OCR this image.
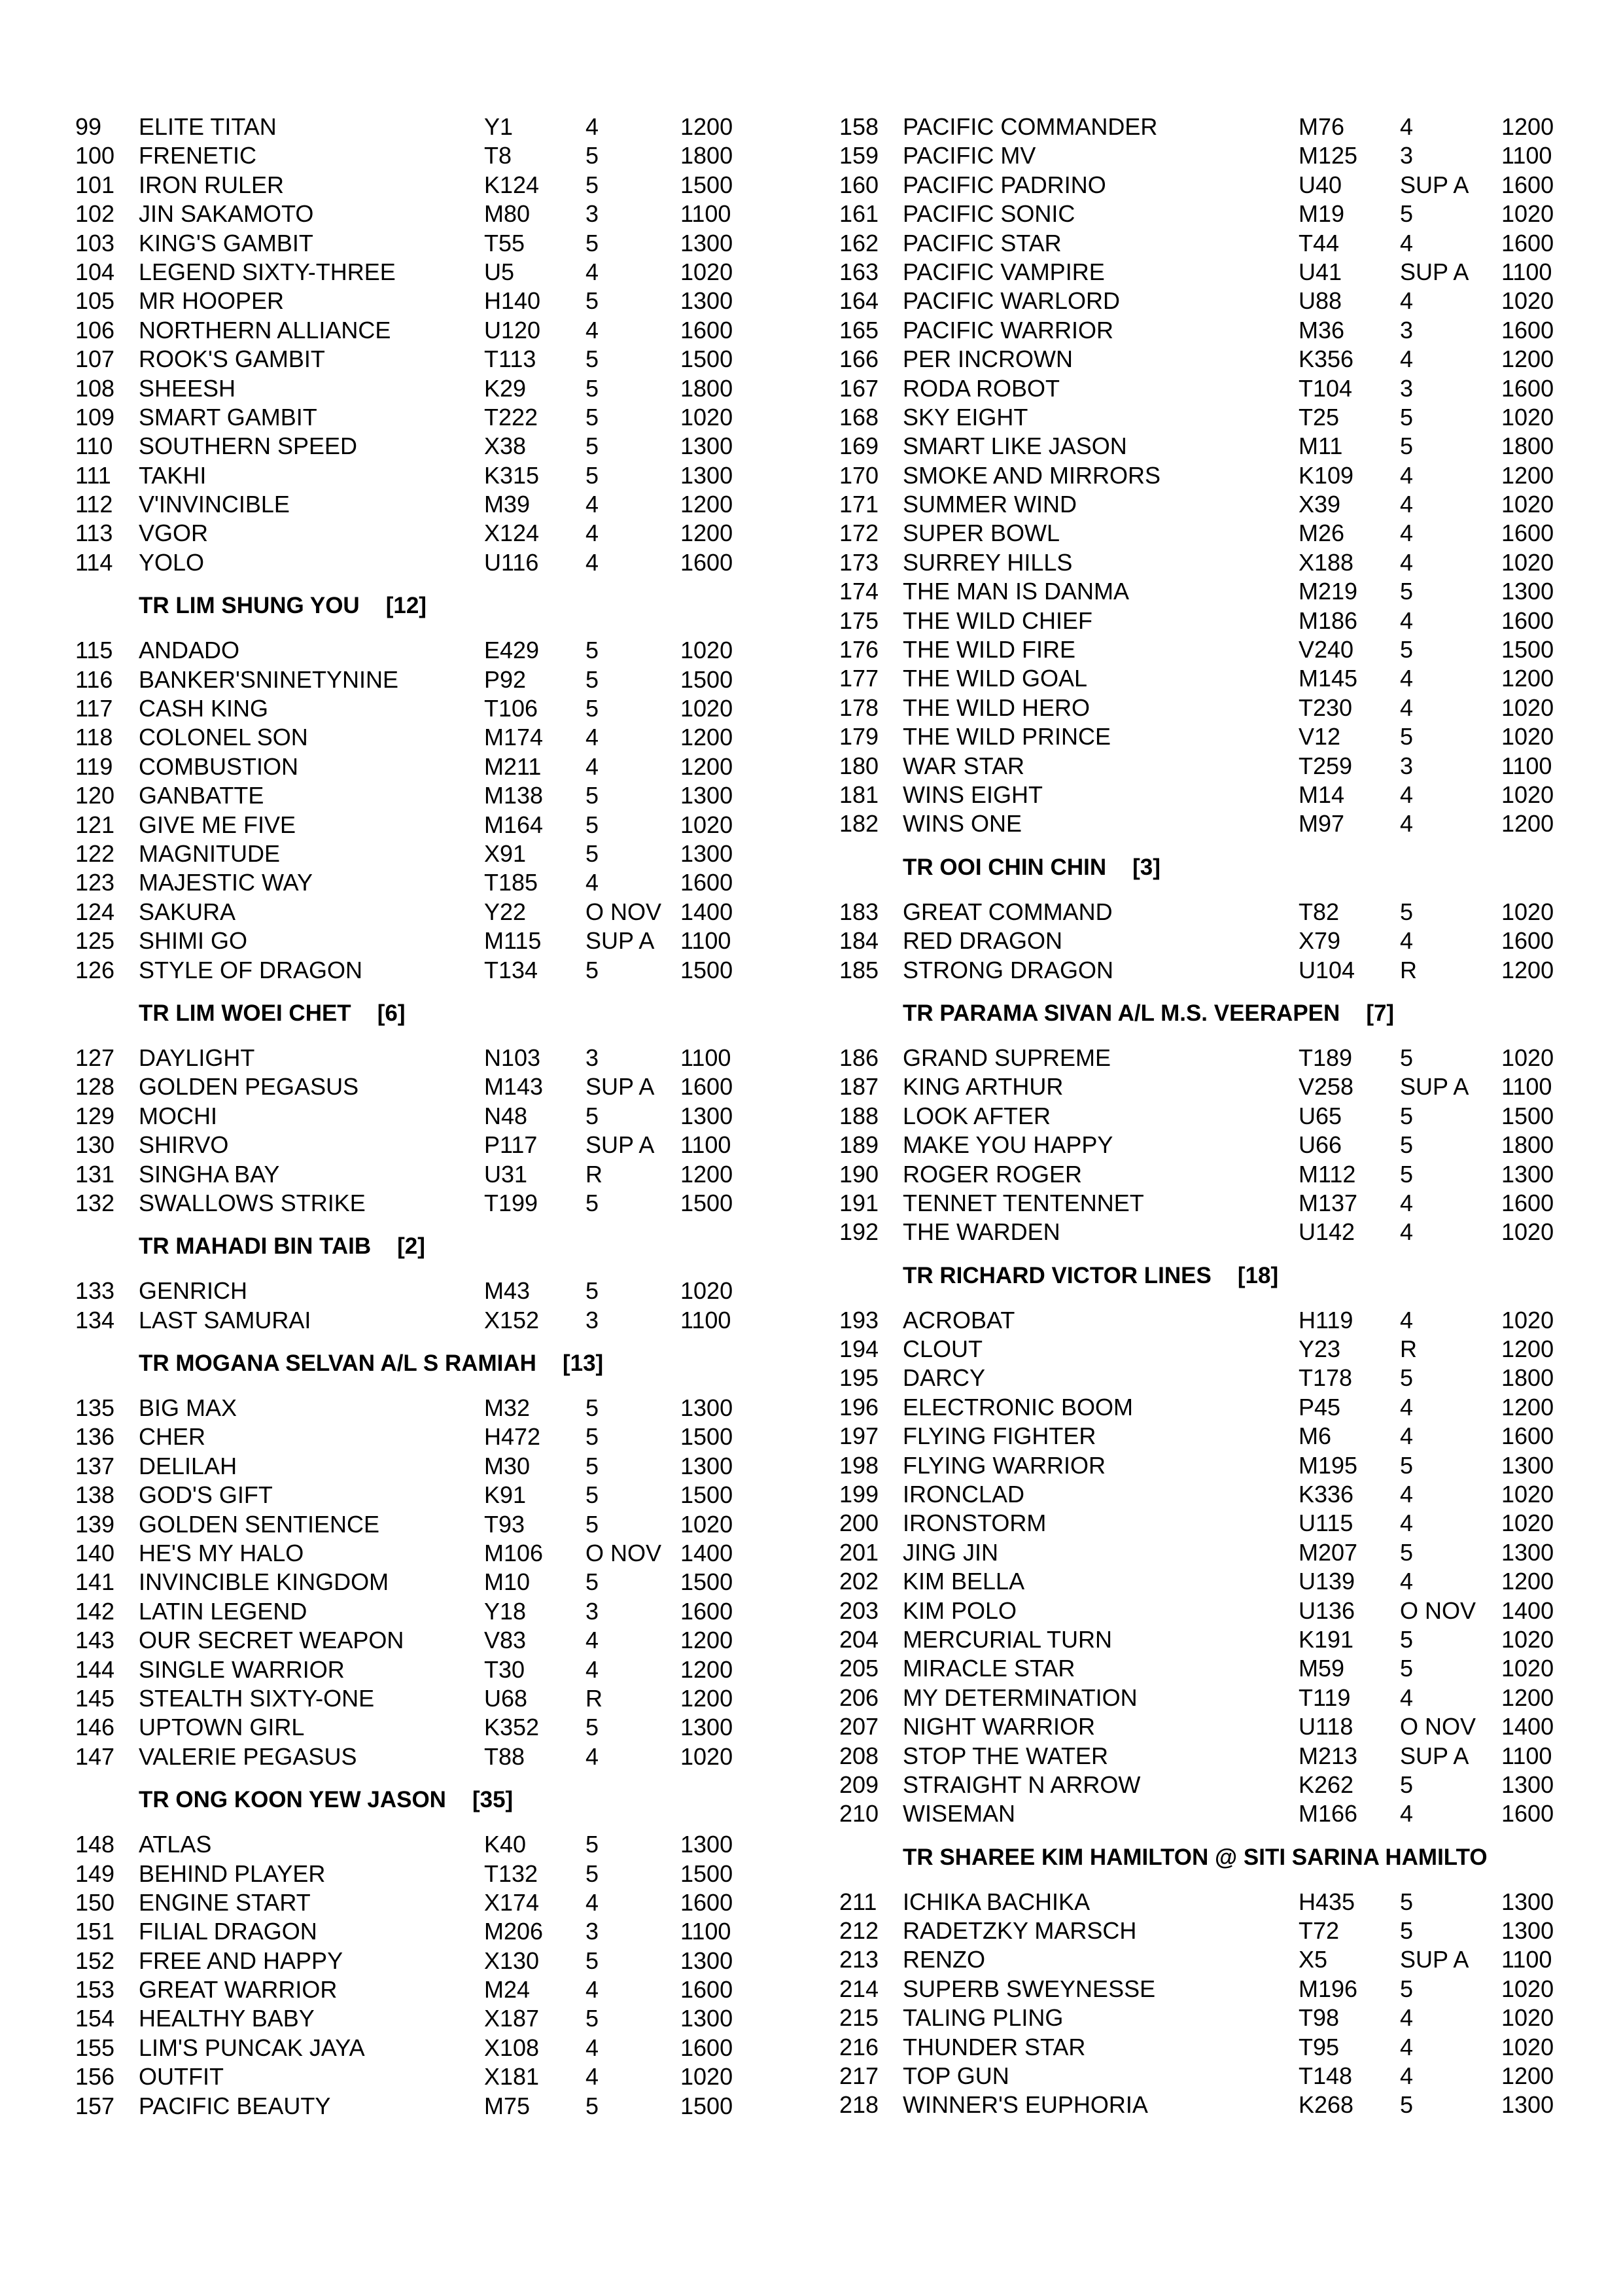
99 ELITE TITAN	Y1	4	1200
100 FRENETIC	T8	5	1800
101 IRON RULER	K124 5	1500
102 JIN SAKAMOTO	M80 3	1100
103 KING'S GAMBIT	T55	5	1300
104 LEGEND SIXTY-THREE	U5	4	1020
105 MR HOOPER	H140 5	1300
106 NORTHERN ALLIANCE	U120 4	1600
107 ROOK'S GAMBIT	T113 5	1500
108 SHEESH	K29	5	1800
109 SMART GAMBIT	T222 5	1020
110 SOUTHERN SPEED	X38	5	1300
111 TAKHI	K315 5	1300
112 V'INVINCIBLE	M39 4	1200
113 VGOR	X124 4	1200
114 YOLO	U116 4	1600
TR LIM SHUNG YOU [12]
115 ANDADO	E429 5	1020
116 BANKER'SNINETYNINE	P92	5	1500
117 CASH KING	T106 5	1020
118 COLONEL SON	M174 4	1200
119 COMBUSTION	M211 4	1200
120 GANBATTE	M138 5	1300
121 GIVE ME FIVE	M164 5	1020
122 MAGNITUDE	X91	5	1300
123 MAJESTIC WAY	T185 4	1600
124 SAKURA	Y22	O NOV 1400
125 SHIMI GO	M115 SUP A 1100
126 STYLE OF DRAGON	T134 5	1500
TR LIM WOEI CHET [6]
127 DAYLIGHT	N103 3	1100
128 GOLDEN PEGASUS	M143 SUP A 1600
129 MOCHI	N48 5	1300
130 SHIRVO	P117 SUP A 1100
131 SINGHA BAY	U31 R	1200
132 SWALLOWS STRIKE	T199 5	1500
TR MAHADI BIN TAIB [2]
133 GENRICH	M43 5	1020
134 LAST SAMURAI	X152 3	1100
TR MOGANA SELVAN A/L S RAMIAH [13]
135 BIG MAX	M32 5	1300
136 CHER	H472 5	1500
137 DELILAH	M30 5	1300
138 GOD'S GIFT	K91	5	1500
139 GOLDEN SENTIENCE	T93	5	1020
140 HE'S MY HALO	M106 O NOV 1400
141 INVINCIBLE KINGDOM	M10 5	1500
142 LATIN LEGEND	Y18	3	1600
143 OUR SECRET WEAPON	V83	4	1200
144 SINGLE WARRIOR	T30	4	1200
145 STEALTH SIXTY-ONE	U68 R	1200
146 UPTOWN GIRL	K352 5	1300
147 VALERIE PEGASUS	T88	4	1020
TR ONG KOON YEW JASON [35]
148 ATLAS	K40	5	1300
149 BEHIND PLAYER	T132 5	1500
150 ENGINE START	X174 4	1600
151 FILIAL DRAGON	M206 3	1100
152 FREE AND HAPPY	X130 5	1300
153 GREAT WARRIOR	M24 4	1600
154 HEALTHY BABY	X187 5	1300
155 LIM'S PUNCAK JAYA	X108 4	1600
156 OUTFIT	X181 4	1020
157 PACIFIC BEAUTY	M75 5	1500
158 PACIFIC COMMANDER	M76 4	1200
159 PACIFIC MV	M125 3	1100
160 PACIFIC PADRINO	U40 SUP A 1600
161 PACIFIC SONIC	M19 5	1020
162 PACIFIC STAR	T44	4	1600
163 PACIFIC VAMPIRE	U41 SUP A 1100
164 PACIFIC WARLORD	U88 4	1020
165 PACIFIC WARRIOR	M36 3	1600
166 PER INCROWN	K356 4	1200
167 RODA ROBOT	T104 3	1600
168 SKY EIGHT	T25	5	1020
169 SMART LIKE JASON	M11 5	1800
170 SMOKE AND MIRRORS	K109 4	1200
171 SUMMER WIND	X39	4	1020
172 SUPER BOWL	M26 4	1600
173 SURREY HILLS	X188 4	1020
174 THE MAN IS DANMA	M219 5	1300
175 THE WILD CHIEF	M186 4	1600
176 THE WILD FIRE	V240 5	1500
177 THE WILD GOAL	M145 4	1200
178 THE WILD HERO	T230 4	1020
179 THE WILD PRINCE	V12	5	1020
180 WAR STAR	T259 3	1100
181 WINS EIGHT	M14 4	1020
182 WINS ONE	M97 4	1200
TR OOI CHIN CHIN [3]
183 GREAT COMMAND	T82	5	1020
184 RED DRAGON	X79	4	1600
185 STRONG DRAGON	U104 R	1200
TR PARAMA SIVAN A/L M.S. VEERAPEN [7]
186 GRAND SUPREME	T189 5	1020
187 KING ARTHUR	V258 SUP A 1100
188 LOOK AFTER	U65 5	1500
189 MAKE YOU HAPPY	U66 5	1800
190 ROGER ROGER	M112 5	1300
191 TENNET TENTENNET	M137 4	1600
192 THE WARDEN	U142 4	1020
TR RICHARD VICTOR LINES [18]
193 ACROBAT	H119 4	1020
194 CLOUT	Y23	R	1200
195 DARCY	T178 5	1800
196 ELECTRONIC BOOM	P45	4	1200
197 FLYING FIGHTER	M6	4	1600
198 FLYING WARRIOR	M195 5	1300
199 IRONCLAD	K336 4	1020
200 IRONSTORM	U115 4	1020
201 JING JIN	M207 5	1300
202 KIM BELLA	U139 4	1200
203 KIM POLO	U136 O NOV 1400
204 MERCURIAL TURN	K191 5	1020
205 MIRACLE STAR	M59 5	1020
206 MY DETERMINATION	T119 4	1200
207 NIGHT WARRIOR	U118 O NOV 1400
208 STOP THE WATER	M213 SUP A 1100
209 STRAIGHT N ARROW	K262 5	1300
210 WISEMAN	M166 4	1600
TR SHAREE KIM HAMILTON @ SITI SARINA HAMILTO
211 ICHIKA BACHIKA	H435 5	1300
212 RADETZKY MARSCH	T72	5	1300
213 RENZO	X5	SUP A 1100
214 SUPERB SWEYNESSE	M196 5	1020
215 TALING PLING	T98	4	1020
216 THUNDER STAR	T95	4	1020
217 TOP GUN	T148 4	1200
218 WINNER'S EUPHORIA	K268 5	1300
